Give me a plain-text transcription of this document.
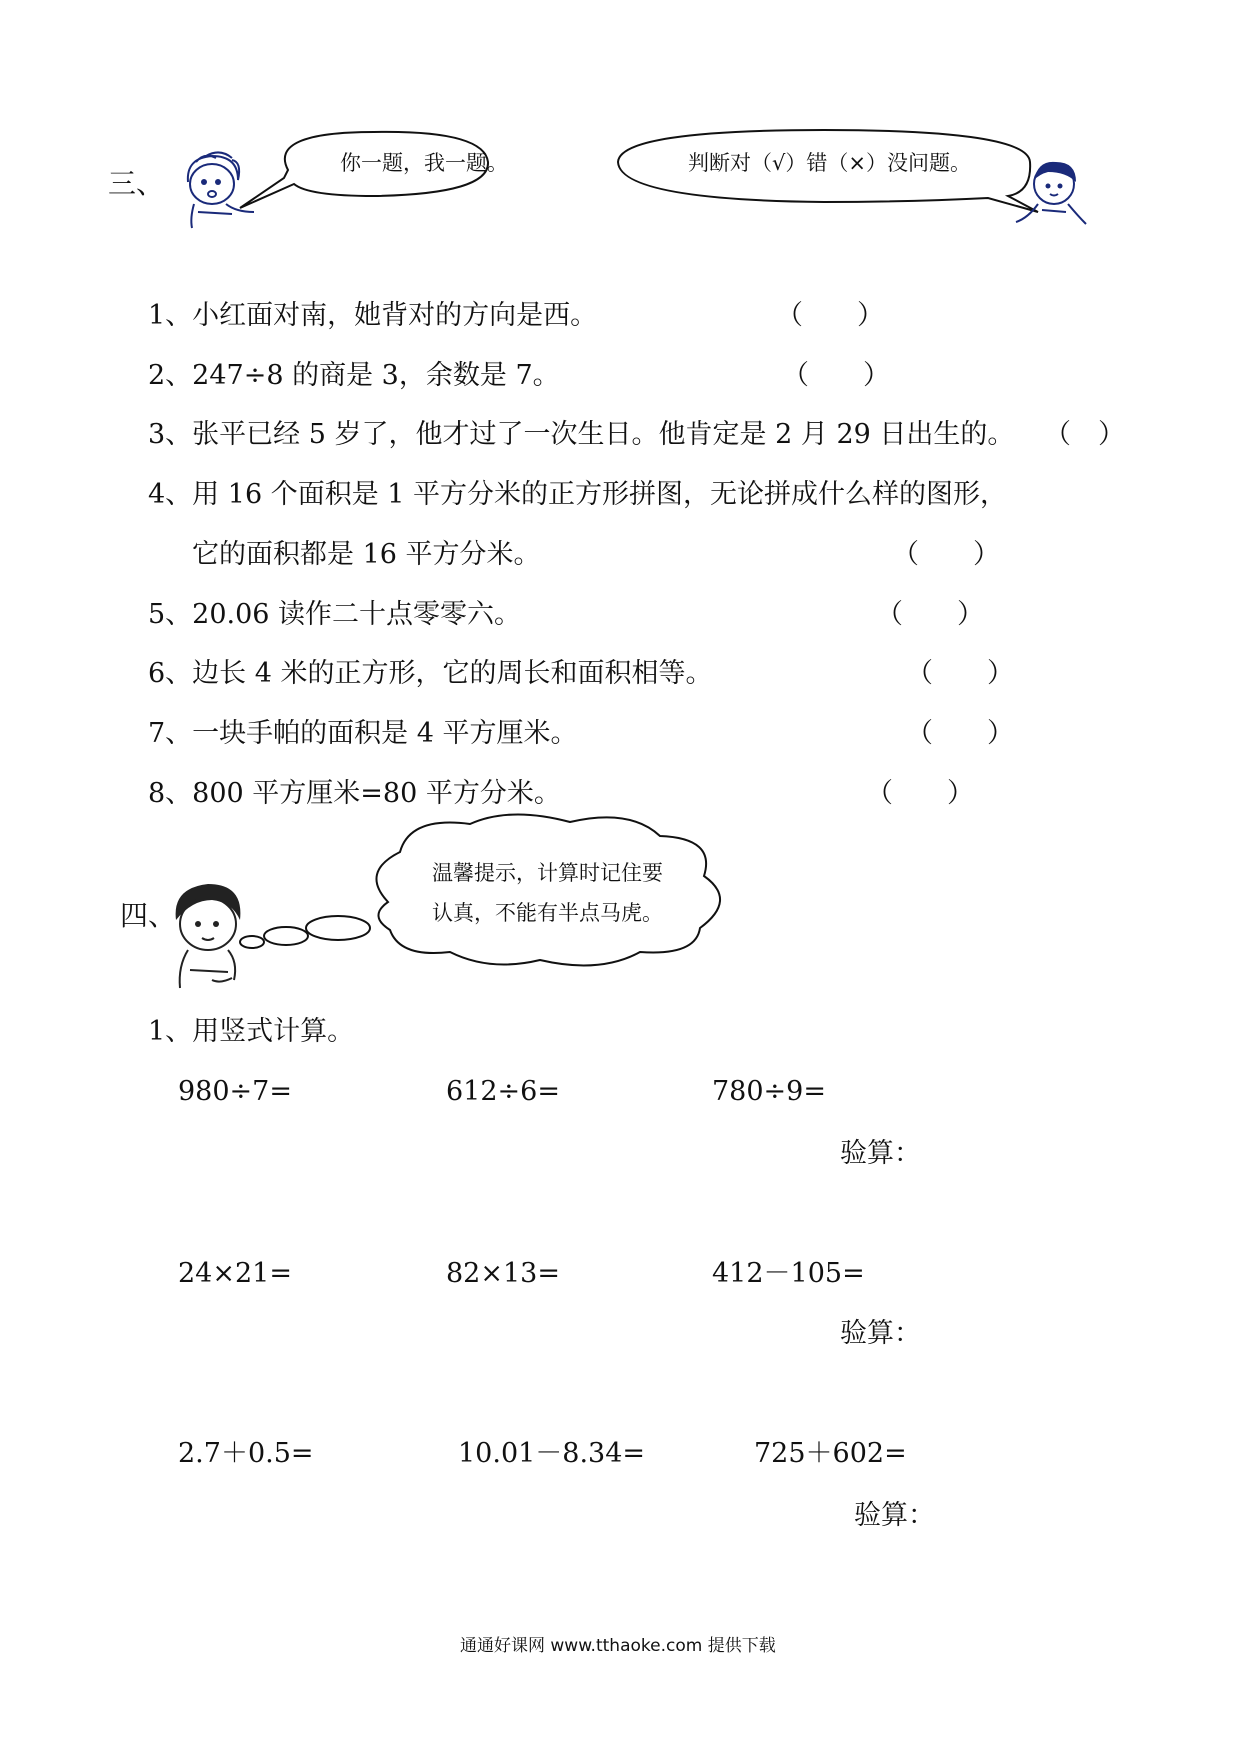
三、
你一题，我一题。	判断对（√）错（×）没问题。
1、小红面对南，她背对的方向是西。	（　　）
2、247÷8 的商是 3，余数是 7。	（　　）
3、张平已经 5 岁了，他才过了一次生日。他肯定是 2 月 29 日出生的。 （　）
4、用 16 个面积是 1 平方分米的正方形拼图，无论拼成什么样的图形，
它的面积都是 16 平方分米。	（　　）
5、20.06 读作二十点零零六。	（　　）
6、边长 4 米的正方形，它的周长和面积相等。	（　　）
7、一块手帕的面积是 4 平方厘米。	（　　）
8、800 平方厘米=80 平方分米。	（　　）
四、
温馨提示，计算时记住要
认真，不能有半点马虎。
1、用竖式计算。
980÷7=	612÷6=	780÷9=
验算：
24×21=	82×13=	412－105=
验算：
2.7＋0.5=	10.01－8.34=	725＋602=
验算：
通通好课网 www.tthaoke.com 提供下载
